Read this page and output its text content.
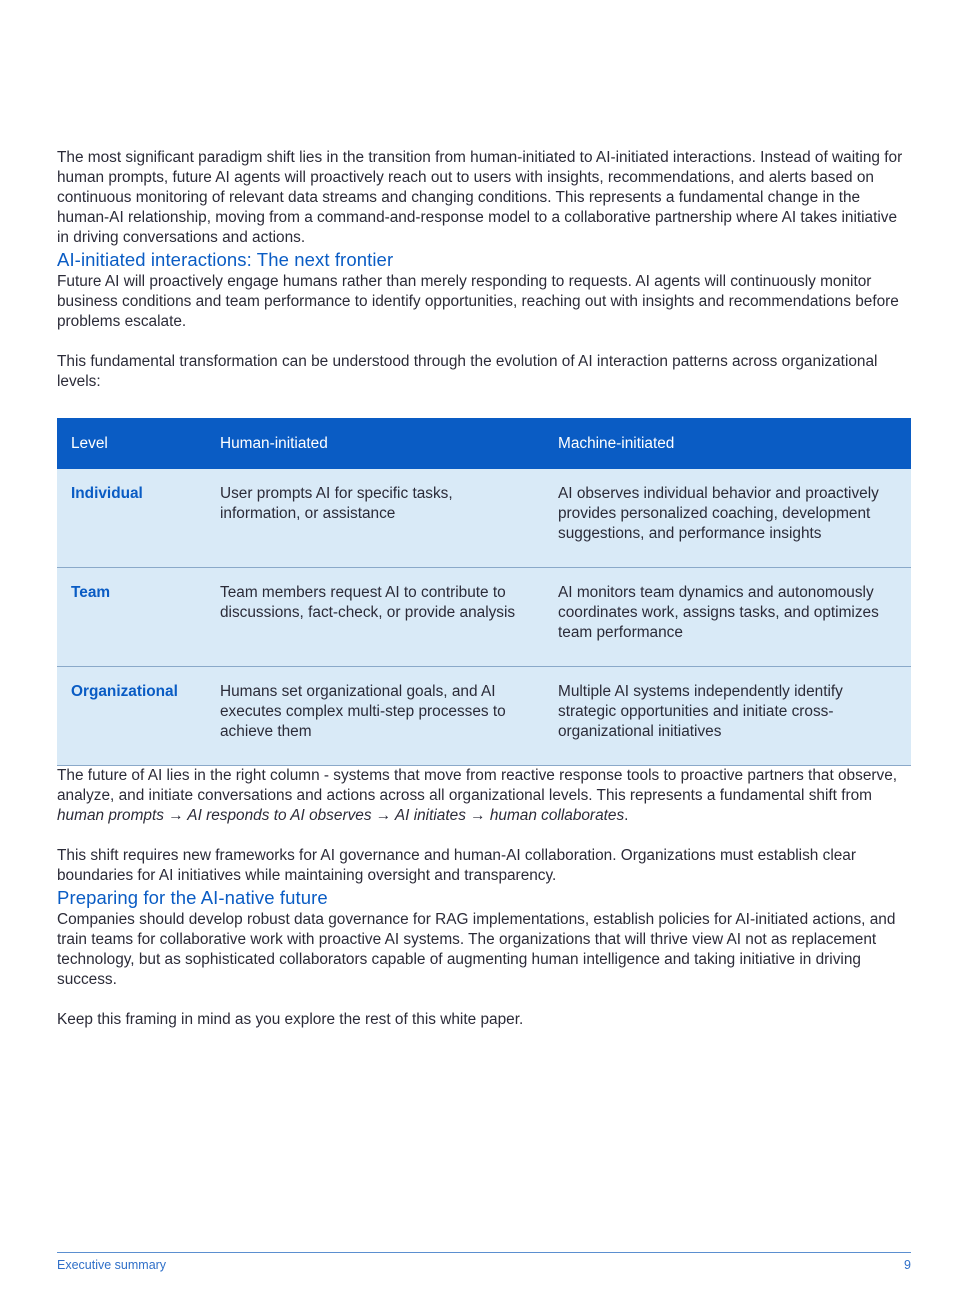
The most significant paradigm shift lies in the transition from human-initiated to AI-initiated interactions. Instead of waiting for human prompts, future AI agents will proactively reach out to users with insights, recommendations, and alerts based on continuous monitoring of relevant data streams and changing conditions. This represents a fundamental change in the human-AI relationship, moving from a command-and-response model to a collaborative partnership where AI takes initiative in driving conversations and actions.

AI-initiated interactions: The next frontier

Future AI will proactively engage humans rather than merely responding to requests. AI agents will continuously monitor business conditions and team performance to identify opportunities, reaching out with insights and recommendations before problems escalate.

This fundamental transformation can be understood through the evolution of AI interaction patterns across organizational levels:

Level	Human-initiated	Machine-initiated
Individual	User prompts AI for specific tasks, information, or assistance	AI observes individual behavior and proactively provides personalized coaching, development suggestions, and performance insights
Team	Team members request AI to contribute to discussions, fact-check, or provide analysis	AI monitors team dynamics and autonomously coordinates work, assigns tasks, and optimizes team performance
Organizational	Humans set organizational goals, and AI executes complex multi-step processes to achieve them	Multiple AI systems independently identify strategic opportunities and initiate cross-organizational initiatives

The future of AI lies in the right column - systems that move from reactive response tools to proactive partners that observe, analyze, and initiate conversations and actions across all organizational levels. This represents a fundamental shift from human prompts → AI responds to AI observes → AI initiates → human collaborates.

This shift requires new frameworks for AI governance and human-AI collaboration. Organizations must establish clear boundaries for AI initiatives while maintaining oversight and transparency.

Preparing for the AI-native future

Companies should develop robust data governance for RAG implementations, establish policies for AI-initiated actions, and train teams for collaborative work with proactive AI systems. The organizations that will thrive view AI not as replacement technology, but as sophisticated collaborators capable of augmenting human intelligence and taking initiative in driving success.

Keep this framing in mind as you explore the rest of this white paper.

Executive summary	9
